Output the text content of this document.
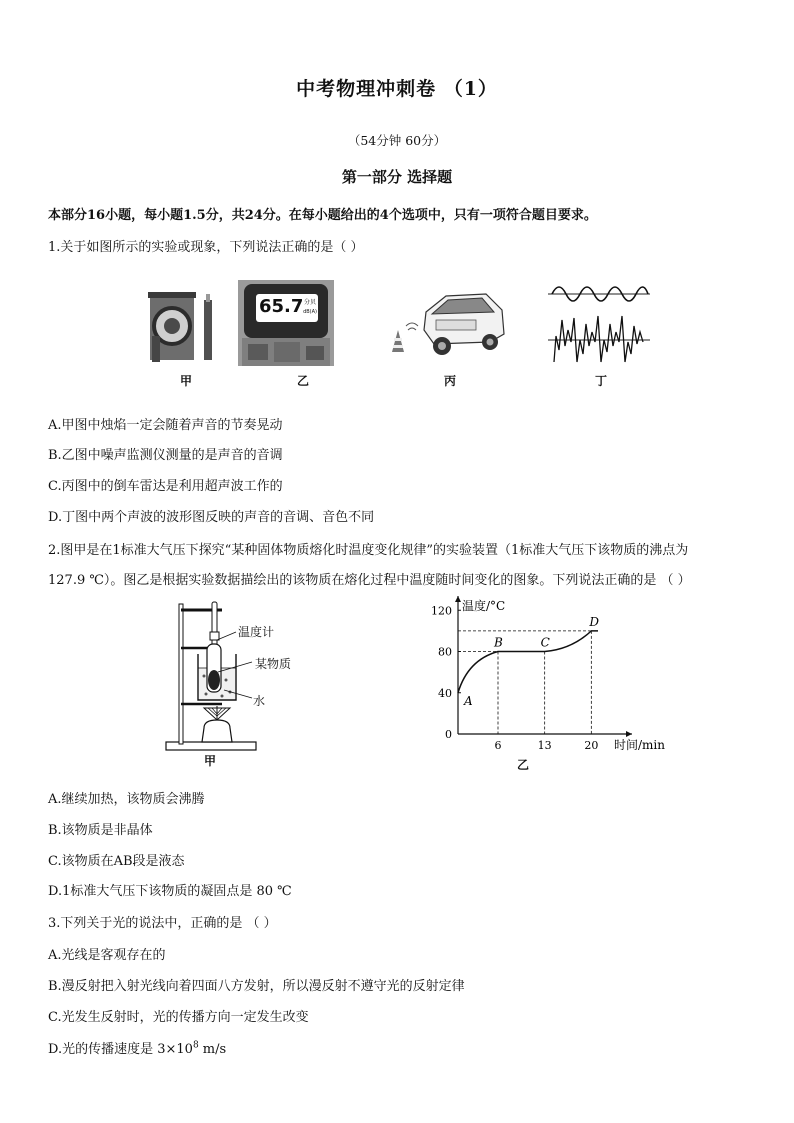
中考物理冲刺卷 （1）
（54分钟 60分）
第一部分 选择题
本部分16小题，每小题1.5分，共24分。在每小题给出的4个选项中，只有一项符合题目要求。
1.关于如图所示的实验或现象，下列说法正确的是（ ）
甲
65.7 分贝
dB(A)
乙	丙	丁
A.甲图中烛焰一定会随着声音的节奏晃动
B.乙图中噪声监测仪测量的是声音的音调
C.丙图中的倒车雷达是利用超声波工作的
D.丁图中两个声波的波形图反映的声音的音调、音色不同
2.图甲是在1标准大气压下探究“某种固体物质熔化时温度变化规律”的实验装置（1标准大气压下该物质的沸点为
127.9 ℃）。图乙是根据实验数据描绘出的该物质在熔化过程中温度随时间变化的图象。下列说法正确的是 （ ）
温度计
某物质
水
甲
0
40
80
120
6	13	20
A
B	C
D
温度/°C
时间/min
乙
A.继续加热，该物质会沸腾
B.该物质是非晶体
C.该物质在AB段是液态
D.1标准大气压下该物质的凝固点是 80 ℃
3.下列关于光的说法中，正确的是 （ ）
A.光线是客观存在的
B.漫反射把入射光线向着四面八方发射，所以漫反射不遵守光的反射定律
C.光发生反射时，光的传播方向一定发生改变
D.光的传播速度是 $3\times 10^8$ m/s
